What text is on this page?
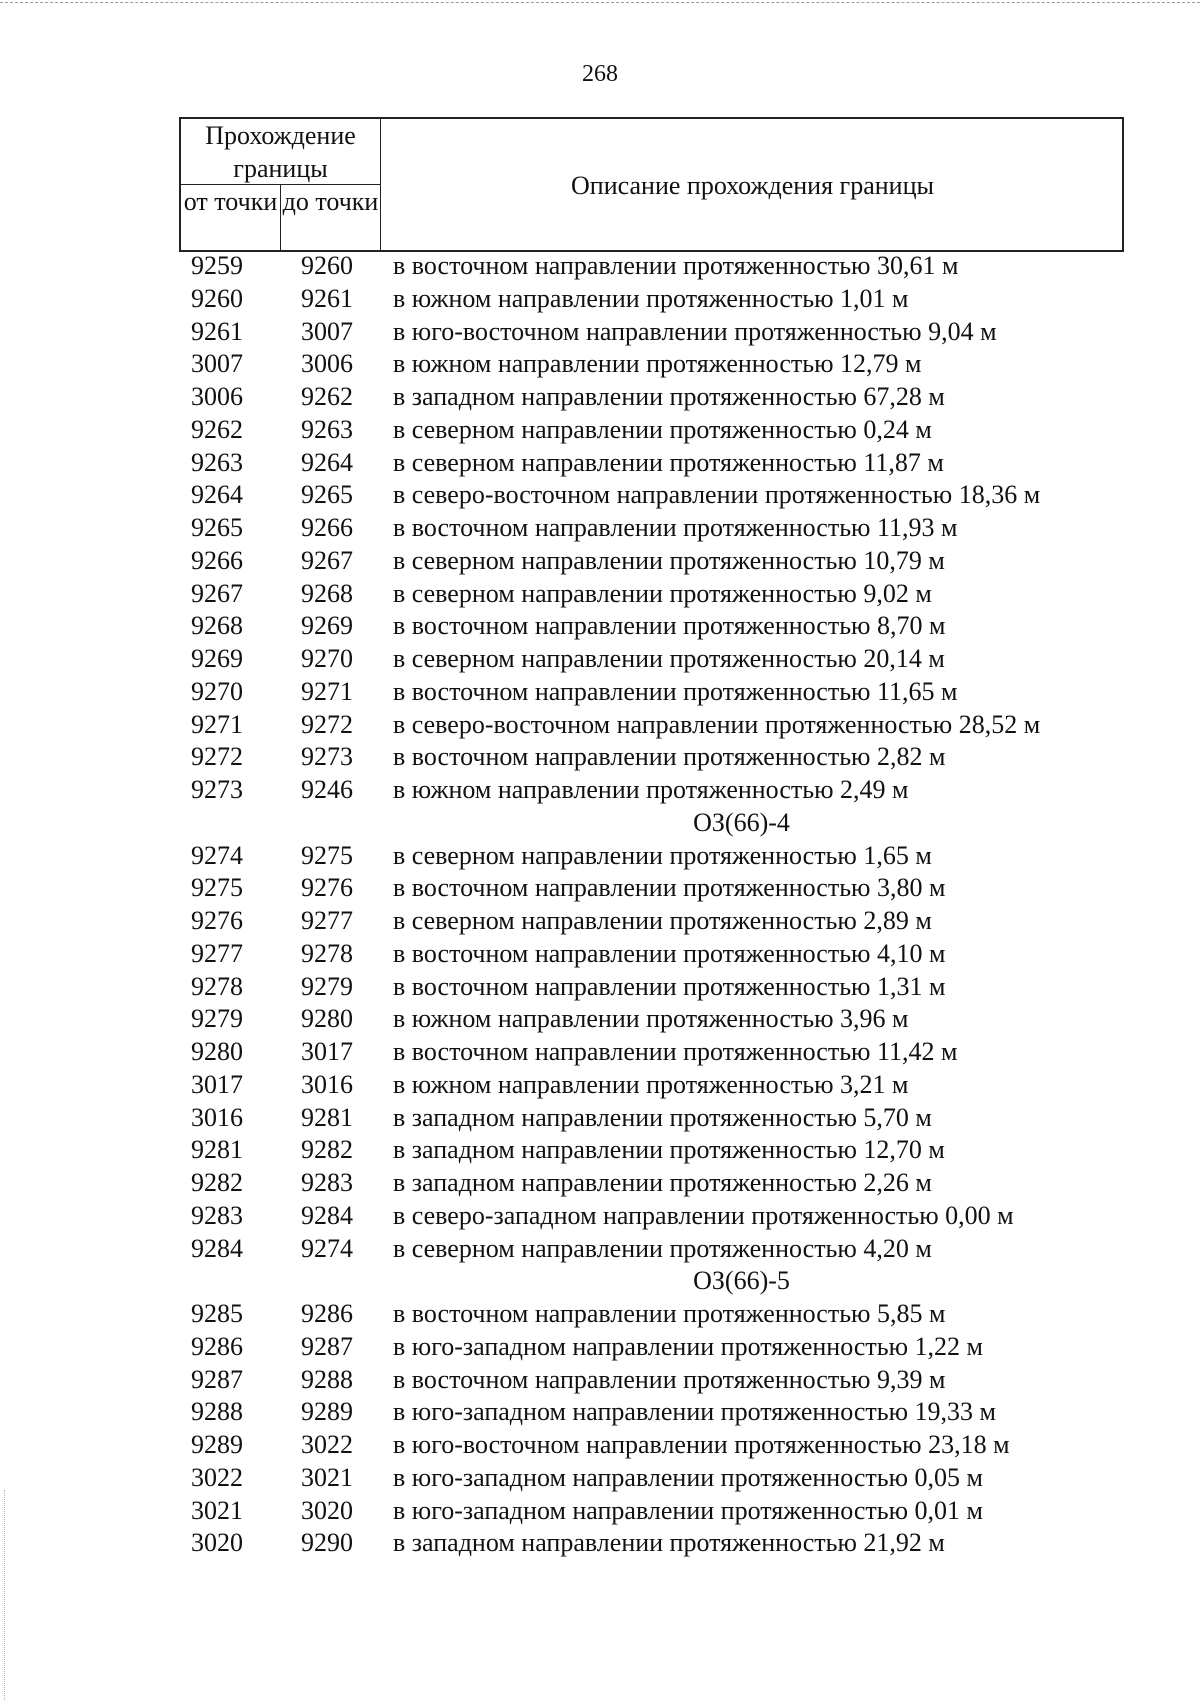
268
Прохождение границы
от точки до точки
Описание прохождения границы
9259	9260	в восточном направлении протяженностью 30,61 м
9260	9261	в южном направлении протяженностью 1,01 м
9261	3007	в юго-восточном направлении протяженностью 9,04 м
3007	3006	в южном направлении протяженностью 12,79 м
3006	9262	в западном направлении протяженностью 67,28 м
9262	9263	в северном направлении протяженностью 0,24 м
9263	9264	в северном направлении протяженностью 11,87 м
9264	9265	в северо-восточном направлении протяженностью 18,36 м
9265	9266	в восточном направлении протяженностью 11,93 м
9266	9267	в северном направлении протяженностью 10,79 м
9267	9268	в северном направлении протяженностью 9,02 м
9268	9269	в восточном направлении протяженностью 8,70 м
9269	9270	в северном направлении протяженностью 20,14 м
9270	9271	в восточном направлении протяженностью 11,65 м
9271	9272	в северо-восточном направлении протяженностью 28,52 м
9272	9273	в восточном направлении протяженностью 2,82 м
9273	9246	в южном направлении протяженностью 2,49 м
ОЗ(66)-4
9274	9275	в северном направлении протяженностью 1,65 м
9275	9276	в восточном направлении протяженностью 3,80 м
9276	9277	в северном направлении протяженностью 2,89 м
9277	9278	в восточном направлении протяженностью 4,10 м
9278	9279	в восточном направлении протяженностью 1,31 м
9279	9280	в южном направлении протяженностью 3,96 м
9280	3017	в восточном направлении протяженностью 11,42 м
3017	3016	в южном направлении протяженностью 3,21 м
3016	9281	в западном направлении протяженностью 5,70 м
9281	9282	в западном направлении протяженностью 12,70 м
9282	9283	в западном направлении протяженностью 2,26 м
9283	9284	в северо-западном направлении протяженностью 0,00 м
9284	9274	в северном направлении протяженностью 4,20 м
ОЗ(66)-5
9285	9286	в восточном направлении протяженностью 5,85 м
9286	9287	в юго-западном направлении протяженностью 1,22 м
9287	9288	в восточном направлении протяженностью 9,39 м
9288	9289	в юго-западном направлении протяженностью 19,33 м
9289	3022	в юго-восточном направлении протяженностью 23,18 м
3022	3021	в юго-западном направлении протяженностью 0,05 м
3021	3020	в юго-западном направлении протяженностью 0,01 м
3020	9290	в западном направлении протяженностью 21,92 м
